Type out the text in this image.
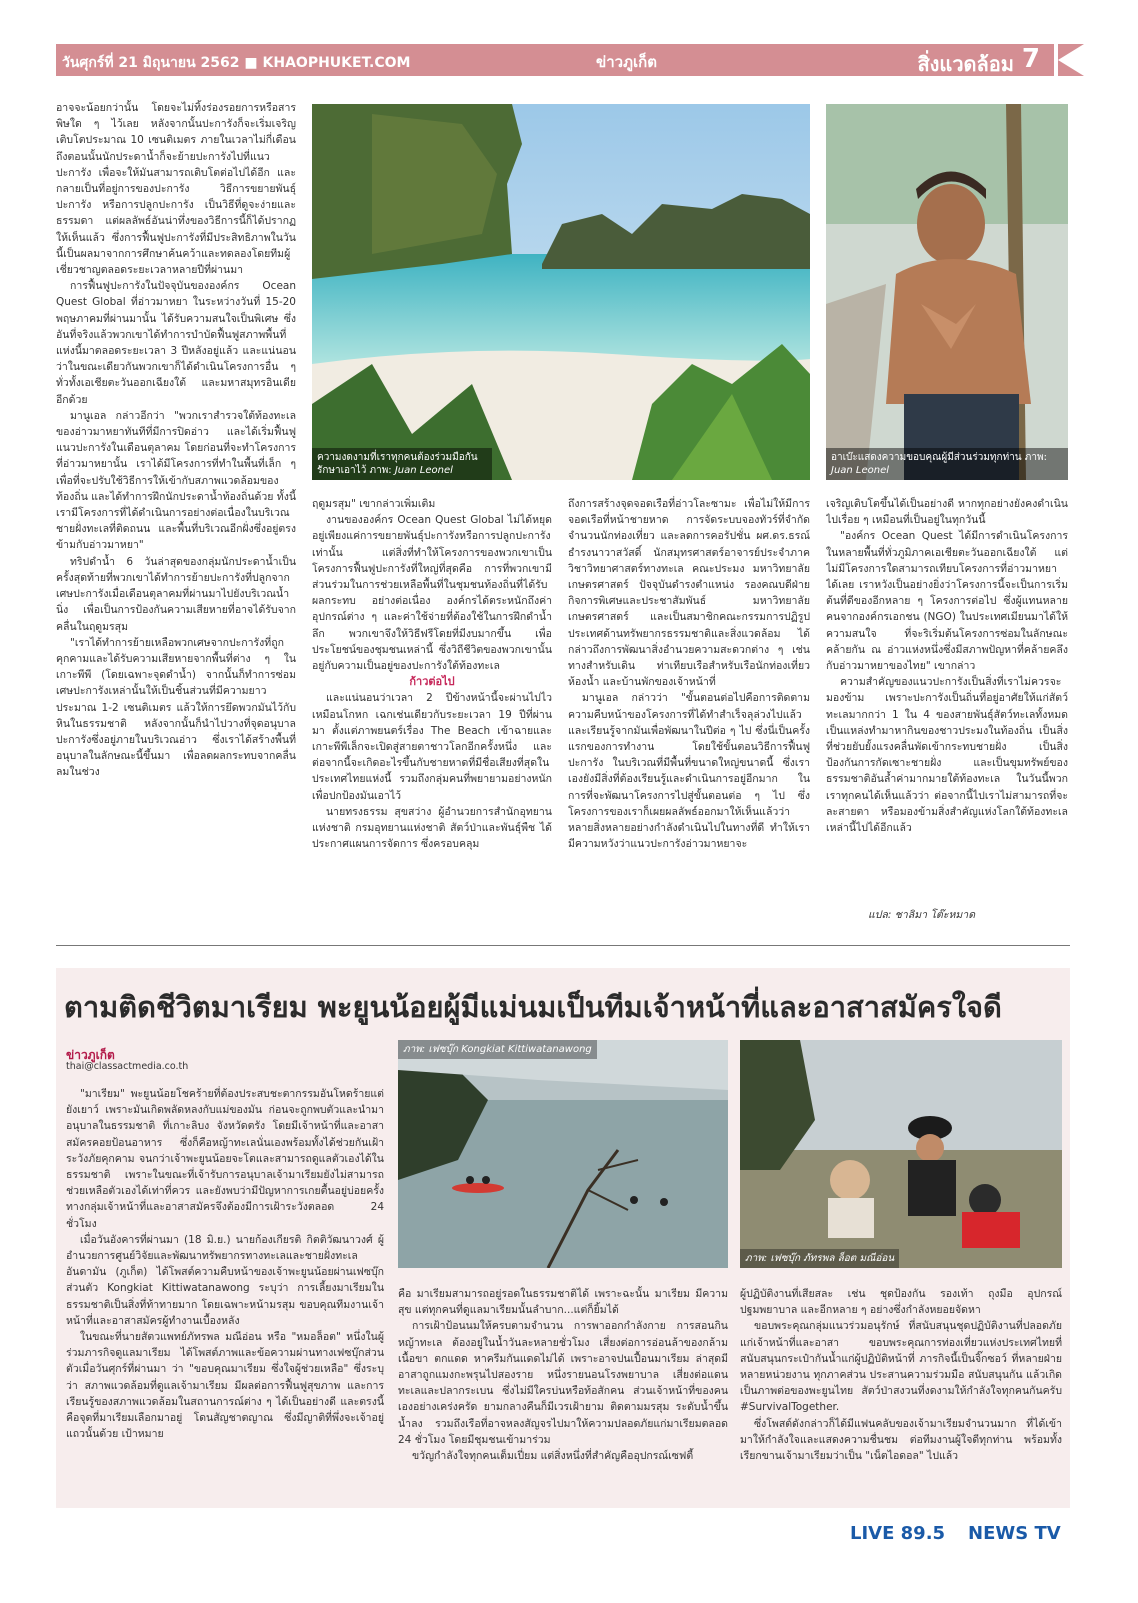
วันศุกร์ที่ 21 มิถุนายน 2562 ■ KHAOPHUKET.COM	ข่าวภูเก็ต	สิ่งแวดล้อม 7

อาจจะน้อยกว่านั้น โดยจะไม่ทิ้งร่องรอยการหรือสารพิษใด ๆ ไว้เลย หลังจากนั้นปะการังก็จะเริ่มเจริญเติบโตประมาณ 10 เซนติเมตร ภายในเวลาไม่กี่เดือน ถึงตอนนั้นนักประดาน้ำก็จะย้ายปะการังไปที่แนวปะการัง เพื่อจะให้มันสามารถเติบโตต่อไปได้อีก และกลายเป็นที่อยู่การของปะการัง วิธีการขยายพันธุ์ปะการัง หรือการปลูกปะการัง เป็นวิธีที่ดูจะง่ายและธรรมดา แต่ผลลัพธ์อันน่าทึ่งของวิธีการนี้ก็ได้ปรากฏให้เห็นแล้ว ซึ่งการฟื้นฟูปะการังที่มีประสิทธิภาพในวันนี้เป็นผลมาจากการศึกษาค้นคว้าและทดลองโดยทีมผู้เชี่ยวชาญตลอดระยะเวลาหลายปีที่ผ่านมา

การฟื้นฟูปะการังในปัจจุบันขององค์กร Ocean Quest Global ที่อ่าวมาหยา ในระหว่างวันที่ 15-20 พฤษภาคมที่ผ่านมานั้น ได้รับความสนใจเป็นพิเศษ ซึ่งอันที่จริงแล้วพวกเขาได้ทำการบำบัดฟื้นฟูสภาพพื้นที่แห่งนี้มาตลอดระยะเวลา 3 ปีหลังอยู่แล้ว และแน่นอนว่าในขณะเดียวกันพวกเขาก็ได้ดำเนินโครงการอื่น ๆ ทั่วทั้งเอเชียตะวันออกเฉียงใต้ และมหาสมุทรอินเดียอีกด้วย

มานูเอล กล่าวอีกว่า "พวกเราสำรวจใต้ท้องทะเลของอ่าวมาหยาทันทีที่มีการปิดอ่าว และได้เริ่มฟื้นฟูแนวปะการังในเดือนตุลาคม โดยก่อนที่จะทำโครงการที่อ่าวมาหยานั้น เราได้มีโครงการที่ทำในพื้นที่เล็ก ๆ เพื่อที่จะปรับใช้วิธีการให้เข้ากับสภาพแวดล้อมของท้องถิ่น และได้ทำการฝึกนักประดาน้ำท้องถิ่นด้วย ทั้งนี้เรามีโครงการที่ได้ดำเนินการอย่างต่อเนื่องในบริเวณชายฝั่งทะเลที่ติดถนน และพื้นที่บริเวณอีกฝั่งซึ่งอยู่ตรงข้ามกับอ่าวมาหยา"

ทริปดำน้ำ 6 วันล่าสุดของกลุ่มนักประดาน้ำเป็นครั้งสุดท้ายที่พวกเขาได้ทำการย้ายปะการังที่ปลูกจากเศษปะการังเมื่อเดือนตุลาคมที่ผ่านมาไปยังบริเวณน้ำนิ่ง เพื่อเป็นการป้องกันความเสียหายที่อาจได้รับจากคลื่นในฤดูมรสุม

"เราได้ทำการย้ายเหลือพวกเศษจากปะการังที่ถูกคุกคามและได้รับความเสียหายจากพื้นที่ต่าง ๆ ในเกาะพีพี (โดยเฉพาะจุดดำน้ำ) จากนั้นก็ทำการซ่อมเศษปะการังเหล่านั้นให้เป็นชิ้นส่วนที่มีความยาวประมาณ 1-2 เซนติเมตร แล้วให้การยึดพวกมันไว้กับหินในธรรมชาติ หลังจากนั้นก็นำไปวางที่จุดอนุบาลปะการังซึ่งอยู่ภายในบริเวณอ่าว ซึ่งเราได้สร้างพื้นที่อนุบาลในลักษณะนี้ขึ้นมา เพื่อลดผลกระทบจากคลื่นลมในช่วง

ความงดงามที่เราทุกคนต้องร่วมมือกันรักษาเอาไว้ ภาพ: Juan Leonel
อาเบ๊ะแสดงความขอบคุณผู้มีส่วนร่วมทุกท่าน ภาพ: Juan Leonel

ฤดูมรสุม" เขากล่าวเพิ่มเติม

งานขององค์กร Ocean Quest Global ไม่ได้หยุดอยู่เพียงแค่การขยายพันธุ์ปะการังหรือการปลูกปะการังเท่านั้น แต่สิ่งที่ทำให้โครงการของพวกเขาเป็นโครงการฟื้นฟูปะการังที่ใหญ่ที่สุดคือ การที่พวกเขามีส่วนร่วมในการช่วยเหลือพื้นที่ในชุมชนท้องถิ่นที่ได้รับผลกระทบ อย่างต่อเนื่อง องค์กรได้ตระหนักถึงค่าอุปกรณ์ต่าง ๆ และค่าใช้จ่ายที่ต้องใช้ในการฝึกดำน้ำลึก พวกเขาจึงให้วิธีฟรีโดยที่มีงบมากขึ้น เพื่อประโยชน์ของชุมชนเหล่านี้ ซึ่งวิถีชีวิตของพวกเขานั้นอยู่กับความเป็นอยู่ของปะการังใต้ท้องทะเล

ก้าวต่อไป

และแน่นอนว่าเวลา 2 ปีข้างหน้านี้จะผ่านไปไวเหมือนโกหก เฉกเช่นเดียวกับระยะเวลา 19 ปีที่ผ่านมา ตั้งแต่ภาพยนตร์เรื่อง The Beach เข้าฉายและเกาะพีพีเล็กจะเปิดสู่สายตาชาวโลกอีกครั้งหนึ่ง และต่อจากนี้จะเกิดอะไรขึ้นกับชายหาดที่มีชื่อเสียงที่สุดในประเทศไทยแห่งนี้ รวมถึงกลุ่มคนที่พยายามอย่างหนักเพื่อปกป้องมันเอาไว้

นายทรงธรรม สุขสว่าง ผู้อำนวยการสำนักอุทยานแห่งชาติ กรมอุทยานแห่งชาติ สัตว์ป่าและพันธุ์พืช ได้ประกาศแผนการจัดการ ซึ่งครอบคลุม

ถึงการสร้างจุดจอดเรือที่อ่าวโละซามะ เพื่อไม่ให้มีการจอดเรือที่หน้าชายหาด การจัดระบบจองทัวร์ที่จำกัดจำนวนนักท่องเที่ยว และลดการคอรัปชั่น ผศ.ดร.ธรณ์ ธำรงนาวาสวัสดิ์ นักสมุทรศาสตร์อาจารย์ประจำภาควิชาวิทยาศาสตร์ทางทะเล คณะประมง มหาวิทยาลัยเกษตรศาสตร์ ปัจจุบันดำรงตำแหน่ง รองคณบดีฝ่ายกิจการพิเศษและประชาสัมพันธ์ มหาวิทยาลัยเกษตรศาสตร์ และเป็นสมาชิกคณะกรรมการปฏิรูปประเทศด้านทรัพยากรธรรมชาติและสิ่งแวดล้อม ได้กล่าวถึงการพัฒนาสิ่งอำนวยความสะดวกต่าง ๆ เช่น ทางสำหรับเดิน ท่าเทียบเรือสำหรับเรือนักท่องเที่ยว ห้องน้ำ และบ้านพักของเจ้าหน้าที่

มานูเอล กล่าวว่า "ขั้นตอนต่อไปคือการติดตามความคืบหน้าของโครงการที่ได้ทำสำเร็จลุล่วงไปแล้ว และเรียนรู้จากมันเพื่อพัฒนาในปีต่อ ๆ ไป ซึ่งนี่เป็นครั้งแรกของการทำงาน โดยใช้ขั้นตอนวิธีการฟื้นฟูปะการัง ในบริเวณที่มีพื้นที่ขนาดใหญ่ขนาดนี้ ซึ่งเราเองยังมีสิ่งที่ต้องเรียนรู้และดำเนินการอยู่อีกมาก ในการที่จะพัฒนาโครงการไปสู่ขั้นตอนต่อ ๆ ไป ซึ่งโครงการของเราก็เผยผลลัพธ์ออกมาให้เห็นแล้วว่าหลายสิ่งหลายอย่างกำลังดำเนินไปในทางที่ดี ทำให้เรามีความหวังว่าแนวปะการังอ่าวมาหยาจะ

เจริญเติบโตขึ้นได้เป็นอย่างดี หากทุกอย่างยังคงดำเนินไปเรื่อย ๆ เหมือนที่เป็นอยู่ในทุกวันนี้

"องค์กร Ocean Quest ได้มีการดำเนินโครงการในหลายพื้นที่ทั่วภูมิภาคเอเชียตะวันออกเฉียงใต้ แต่ไม่มีโครงการใดสามารถเทียบโครงการที่อ่าวมาหยาได้เลย เราหวังเป็นอย่างยิ่งว่าโครงการนี้จะเป็นการเริ่มต้นที่ดีของอีกหลาย ๆ โครงการต่อไป ซึ่งผู้แทนหลายคนจากองค์กรเอกชน (NGO) ในประเทศเมียนมาได้ให้ความสนใจ ที่จะริเริ่มต้นโครงการซ่อมในลักษณะคล้ายกัน ณ อ่าวแห่งหนึ่งซึ่งมีสภาพปัญหาที่คล้ายคลึงกับอ่าวมาหยาของไทย" เขากล่าว

ความสำคัญของแนวปะการังเป็นสิ่งที่เราไม่ควรจะมองข้าม เพราะปะการังเป็นถิ่นที่อยู่อาศัยให้แก่สัตว์ทะเลมากกว่า 1 ใน 4 ของสายพันธุ์สัตว์ทะเลทั้งหมด เป็นแหล่งทำมาหากินของชาวประมงในท้องถิ่น เป็นสิ่งที่ช่วยยับยั้งแรงคลื่นพัดเข้ากระทบชายฝั่ง เป็นสิ่งป้องกันการกัดเซาะชายฝั่ง และเป็นขุมทรัพย์ของธรรมชาติอันล้ำค่ามากมายใต้ท้องทะเล ในวันนี้พวกเราทุกคนได้เห็นแล้วว่า ต่อจากนี้ไปเราไม่สามารถที่จะละสายตา หรือมองข้ามสิ่งสำคัญแห่งโลกใต้ท้องทะเลเหล่านี้ไปได้อีกแล้ว

แปล: ชาลิมา โต๊ะหมาด
ตามติดชีวิตมาเรียม พะยูนน้อยผู้มีแม่นมเป็นทีมเจ้าหน้าที่และอาสาสมัครใจดี
ข่าวภูเก็ต
thai@classactmedia.co.th

"มาเรียม" พะยูนน้อยโชคร้ายที่ต้องประสบชะตากรรมอันโหดร้ายแต่ยังเยาว์ เพราะมันเกิดพลัดหลงกับแม่ของมัน ก่อนจะถูกพบตัวและนำมาอนุบาลในธรรมชาติ ที่เกาะลิบง จังหวัดตรัง โดยมีเจ้าหน้าที่และอาสาสมัครคอยป้อนอาหาร ซึ่งก็คือหญ้าทะเลนั่นเองพร้อมทั้งได้ช่วยกันเฝ้าระวังภัยคุกคาม จนกว่าเจ้าพะยูนน้อยจะโตและสามารถดูแลตัวเองได้ในธรรมชาติ เพราะในขณะที่เจ้ารับการอนุบาลเจ้ามาเรียมยังไม่สามารถช่วยเหลือตัวเองได้เท่าที่ควร และยังพบว่ามีปัญหาการเกยตื้นอยู่บ่อยครั้ง ทางกลุ่มเจ้าหน้าที่และอาสาสมัครจึงต้องมีการเฝ้าระวังตลอด 24 ชั่วโมง

เมื่อวันอังคารที่ผ่านมา (18 มิ.ย.) นายก้องเกียรติ กิตติวัฒนาวงศ์ ผู้อำนวยการศูนย์วิจัยและพัฒนาทรัพยากรทางทะเลและชายฝั่งทะเลอันดามัน (ภูเก็ต) ได้โพสต์ความคืบหน้าของเจ้าพะยูนน้อยผ่านเฟซบุ๊กส่วนตัว Kongkiat Kittiwatanawong ระบุว่า การเลี้ยงมาเรียมในธรรมชาติเป็นสิ่งที่ท้าทายมาก โดยเฉพาะหน้ามรสุม ขอบคุณทีมงานเจ้าหน้าที่และอาสาสมัครผู้ทำงานเบื้องหลัง

ในขณะที่นายสัตวแพทย์ภัทรพล มณีอ่อน หรือ "หมอล็อต" หนึ่งในผู้ร่วมภารกิจดูแลมาเรียม ได้โพสต์ภาพและข้อความผ่านทางเฟซบุ๊กส่วนตัวเมื่อวันศุกร์ที่ผ่านมา ว่า "ขอบคุณมาเรียม ซึ่งใจผู้ช่วยเหลือ" ซึ่งระบุว่า สภาพแวดล้อมที่ดูแลเจ้ามาเรียม มีผลต่อการฟื้นฟูสุขภาพ และการเรียนรู้ของสภาพแวดล้อมในสถานการณ์ต่าง ๆ ได้เป็นอย่างดี และตรงนี้คือจุดที่มาเรียมเลือกมาอยู่ โดนสัญชาตญาณ ซึ่งมีญาติที่พึ่งจะเจ้าอยู่แถวนั้นด้วย เป้าหมาย

ภาพ: เฟซบุ๊ก Kongkiat Kittiwatanawong
ภาพ: เฟซบุ๊ก ภัทรพล ล็อต มณีอ่อน

คือ มาเรียมสามารถอยู่รอดในธรรมชาติได้ เพราะฉะนั้น มาเรียม มีความสุข แต่ทุกคนที่ดูแลมาเรียมนั้นลำบาก...แต่ก็ยิ้มได้

การเฝ้าป้อนนมให้ครบตามจำนวน การพาออกกำลังกาย การสอนกินหญ้าทะเล ต้องอยู่ในน้ำวันละหลายชั่วโมง เสี่ยงต่อการอ่อนล้าของกล้ามเนื้อขา ตกแดด หาครีมกันแดดไม่ได้ เพราะอาจปนเปื้อนมาเรียม ล่าสุดมีอาสาถูกแมงกะพรุนไปสองราย หนึ่งรายนอนโรงพยาบาล เสี่ยงต่อแดนทะเลและปลากระเบน ซึ่งไม่มีใครบ่นหรือท้อสักคน ส่วนเจ้าหน้าที่ของคนเองอย่างเคร่งครัด ยามกลางคืนก็มีเวรเฝ้ายาม ติดตามมรสุม ระดับน้ำขึ้นน้ำลง รวมถึงเรือที่อาจหลงสัญจรไปมาให้ความปลอดภัยแก่มาเรียมตลอด 24 ชั่วโมง โดยมีชุมชนเข้ามาร่วม

ขวัญกำลังใจทุกคนเต็มเปี่ยม แต่สิ่งหนึ่งที่สำคัญคืออุปกรณ์เซฟตี้

ผู้ปฏิบัติงานที่เสียสละ เช่น ชุดป้องกัน รองเท้า ถุงมือ อุปกรณ์ปฐมพยาบาล และอีกหลาย ๆ อย่างซึ่งกำลังหยอยจัดหา

ขอบพระคุณกลุ่มแนวร่วมอนุรักษ์ ที่สนับสนุนชุดปฏิบัติงานที่ปลอดภัยแก่เจ้าหน้าที่และอาสา ขอบพระคุณการท่องเที่ยวแห่งประเทศไทยที่สนับสนุนกระเป๋ากันน้ำแก่ผู้ปฏิบัติหน้าที่ ภารกิจนี้เป็นจิ๊กซอว์ ที่หลายฝ่าย หลายหน่วยงาน ทุกภาคส่วน ประสานความร่วมมือ สนับสนุนกัน แล้วเกิดเป็นภาพต่อของพะยูนไทย สัตว์ป่าสงวนที่งดงามให้กำลังใจทุกคนกันครับ #SurvivalTogether.

ซึ่งโพสต์ดังกล่าวก็ได้มีแฟนคลับของเจ้ามาเรียมจำนวนมาก ที่ได้เข้ามาให้กำลังใจและแสดงความชื่นชม ต่อทีมงานผู้ใจดีทุกท่าน พร้อมทั้งเรียกขานเจ้ามาเรียมว่าเป็น "เน็ตไอดอล" ไปแล้ว

LIVE 89.5 NEWS TV
